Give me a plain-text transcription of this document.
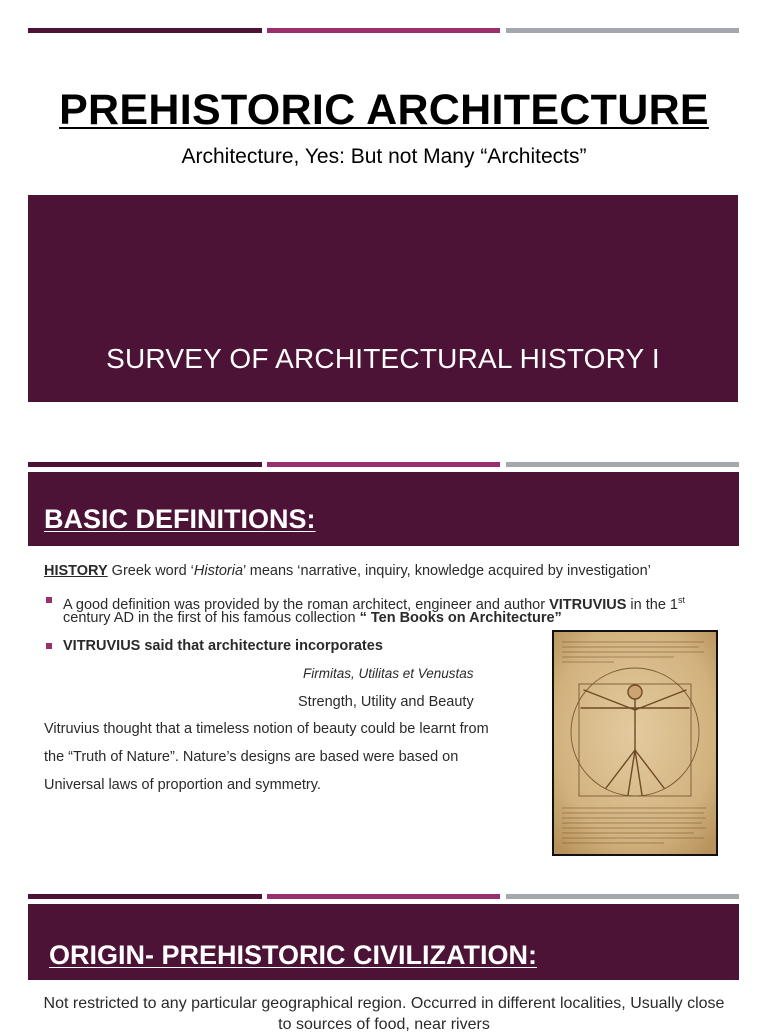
PREHISTORIC ARCHITECTURE

Architecture, Yes: But not Many “Architects”

SURVEY OF ARCHITECTURAL HISTORY I

BASIC DEFINITIONS:

HISTORY Greek word ‘Historia’ means ‘narrative, inquiry, knowledge acquired by investigation’

A good definition was provided by the roman architect, engineer and author VITRUVIUS in the 1st

century AD in the first of his famous collection “ Ten Books on Architecture”

VITRUVIUS said that architecture incorporates

Firmitas, Utilitas et Venustas

Strength, Utility and Beauty

Vitruvius thought that a timeless notion of beauty could be learnt from

the “Truth of Nature”. Nature’s designs are based were based on

Universal laws of proportion and symmetry.

ORIGIN- PREHISTORIC CIVILIZATION:

Not restricted to any particular geographical region. Occurred in different localities, Usually close

to sources of food, near rivers
